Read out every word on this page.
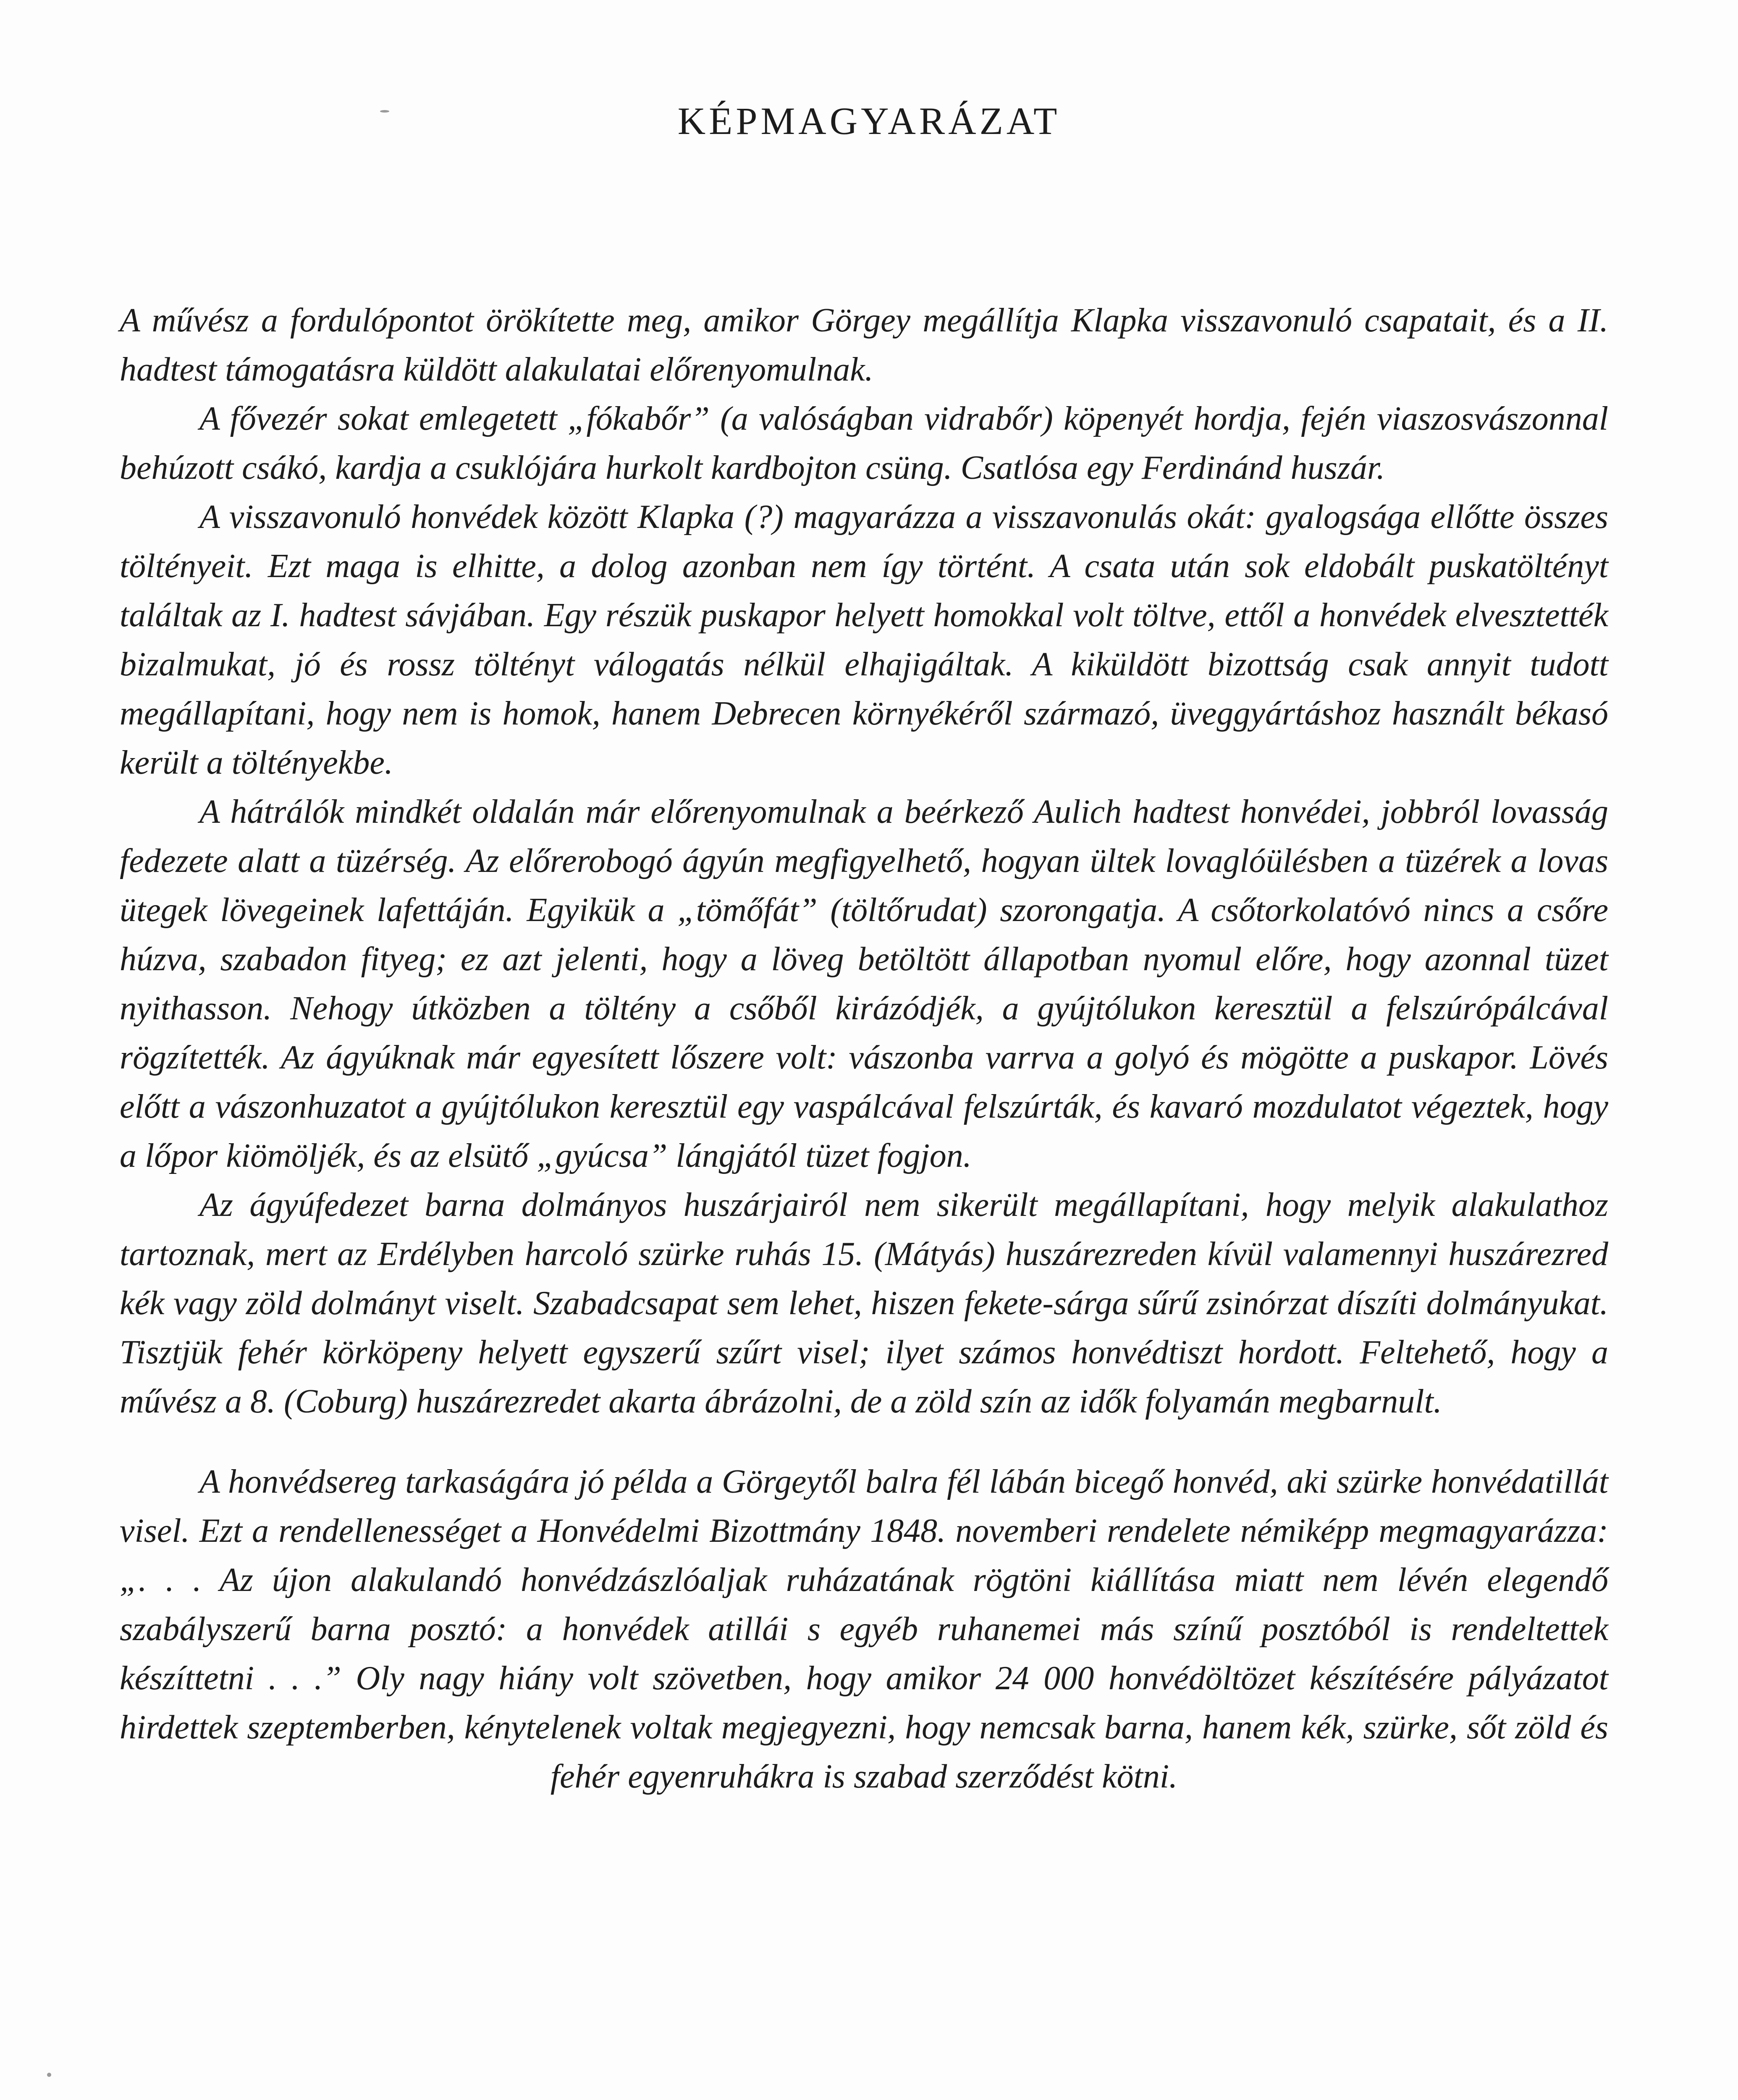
KÉPMAGYARÁZAT

A művész a fordulópontot örökítette meg, amikor Görgey megállítja Klapka visszavonuló csapatait, és a II. hadtest támogatásra küldött alakulatai előrenyomulnak.

A fővezér sokat emlegetett „fókabőr” (a valóságban vidrabőr) köpenyét hordja, fején viaszosvászonnal behúzott csákó, kardja a csuklójára hurkolt kardbojton csüng. Csatlósa egy Ferdinánd huszár.

A visszavonuló honvédek között Klapka (?) magyarázza a visszavonulás okát: gyalogsága ellőtte összes töltényeit. Ezt maga is elhitte, a dolog azonban nem így történt. A csata után sok eldobált puskatöltényt találtak az I. hadtest sávjában. Egy részük puskapor helyett homokkal volt töltve, ettől a honvédek elvesztették bizalmukat, jó és rossz töltényt válogatás nélkül elhajigáltak. A kiküldött bizottság csak annyit tudott megállapítani, hogy nem is homok, hanem Debrecen környékéről származó, üveggyártáshoz használt békasó került a töltényekbe.

A hátrálók mindkét oldalán már előrenyomulnak a beérkező Aulich hadtest honvédei, jobbról lovasság fedezete alatt a tüzérség. Az előrerobogó ágyún megfigyelhető, hogyan ültek lovaglóülésben a tüzérek a lovas ütegek lövegeinek lafettáján. Egyikük a „tömőfát” (töltőrudat) szorongatja. A csőtorkolatóvó nincs a csőre húzva, szabadon fityeg; ez azt jelenti, hogy a löveg betöltött állapotban nyomul előre, hogy azonnal tüzet nyithasson. Nehogy útközben a töltény a csőből kirázódjék, a gyújtólukon keresztül a felszúrópálcával rögzítették. Az ágyúknak már egyesített lőszere volt: vászonba varrva a golyó és mögötte a puskapor. Lövés előtt a vászonhuzatot a gyújtólukon keresztül egy vaspálcával felszúrták, és kavaró mozdulatot végeztek, hogy a lőpor kiömöljék, és az elsütő „gyúcsa” lángjától tüzet fogjon.

Az ágyúfedezet barna dolmányos huszárjairól nem sikerült megállapítani, hogy melyik alakulathoz tartoznak, mert az Erdélyben harcoló szürke ruhás 15. (Mátyás) huszárezreden kívül valamennyi huszárezred kék vagy zöld dolmányt viselt. Szabadcsapat sem lehet, hiszen fekete-sárga sűrű zsinórzat díszíti dolmányukat. Tisztjük fehér körköpeny helyett egyszerű szűrt visel; ilyet számos honvédtiszt hordott. Feltehető, hogy a művész a 8. (Coburg) huszárezredet akarta ábrázolni, de a zöld szín az idők folyamán megbarnult.

A honvédsereg tarkaságára jó példa a Görgeytől balra fél lábán bicegő honvéd, aki szürke honvédatillát visel. Ezt a rendellenességet a Honvédelmi Bizottmány 1848. novemberi rendelete némiképp megmagyarázza: „. . . Az újon alakulandó honvédzászlóaljak ruházatának rögtöni kiállítása miatt nem lévén elegendő szabályszerű barna posztó: a honvédek atillái s egyéb ruhanemei más színű posztóból is rendeltettek készíttetni . . .” Oly nagy hiány volt szövetben, hogy amikor 24 000 honvédöltözet készítésére pályázatot hirdettek szeptemberben, kénytelenek voltak megjegyezni, hogy nemcsak barna, hanem kék, szürke, sőt zöld és fehér egyenruhákra is szabad szerződést kötni.
